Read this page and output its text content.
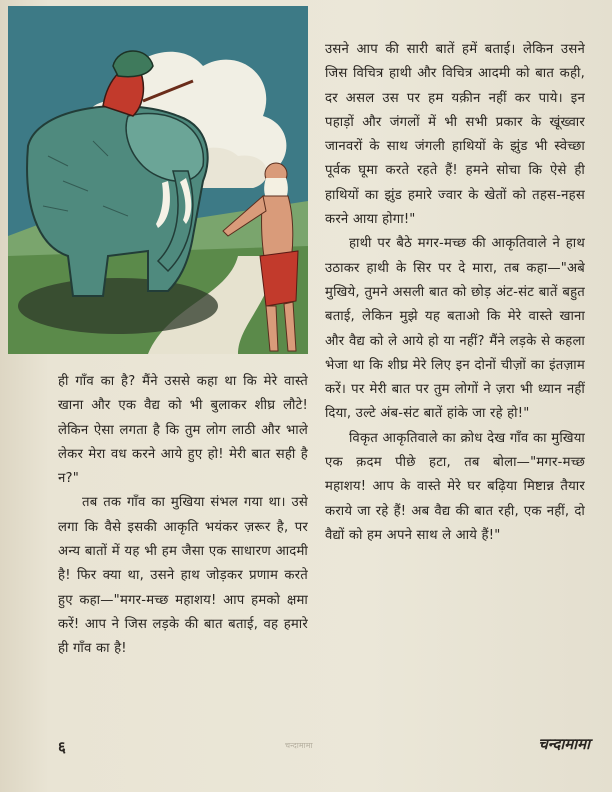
उसने आप की सारी बातें हमें बताई। लेकिन उसने जिस विचित्र हाथी और विचित्र आदमी को बात कही, दर असल उस पर हम यक़ीन नहीं कर पाये। इन पहाड़ों और जंगलों में भी सभी प्रकार के खूंख्वार जानवरों के साथ जंगली हाथियों के झुंड भी स्वेच्छा पूर्वक घूमा करते रहते हैं! हमने सोचा कि ऐसे ही हाथियों का झुंड हमारे ज्वार के खेतों को तहस-नहस करने आया होगा!"

हाथी पर बैठे मगर-मच्छ की आकृतिवाले ने हाथ उठाकर हाथी के सिर पर दे मारा, तब कहा—"अबे मुखिये, तुमने असली बात को छोड़ अंट-संट बातें बहुत बताई, लेकिन मुझे यह बताओ कि मेरे वास्ते खाना और वैद्य को ले आये हो या नहीं? मैंने लड़के से कहला भेजा था कि शीघ्र मेरे लिए इन दोनों चीज़ों का इंतज़ाम करें। पर मेरी बात पर तुम लोगों ने ज़रा भी ध्यान नहीं दिया, उल्टे अंब-संट बातें हांके जा रहे हो!"

विकृत आकृतिवाले का क्रोध देख गाँव का मुखिया एक क़दम पीछे हटा, तब बोला—"मगर-मच्छ महाशय! आप के वास्ते मेरे घर बढ़िया मिष्टान्न तैयार कराये जा रहे हैं! अब वैद्य की बात रही, एक नहीं, दो वैद्यों को हम अपने साथ ले आये हैं!"

ही गाँव का है? मैंने उससे कहा था कि मेरे वास्ते खाना और एक वैद्य को भी बुलाकर शीघ्र लौटे! लेकिन ऐसा लगता है कि तुम लोग लाठी और भाले लेकर मेरा वध करने आये हुए हो! मेरी बात सही है न?"

तब तक गाँव का मुखिया संभल गया था। उसे लगा कि वैसे इसकी आकृति भयंकर ज़रूर है, पर अन्य बातों में यह भी हम जैसा एक साधारण आदमी है! फिर क्या था, उसने हाथ जोड़कर प्रणाम करते हुए कहा—"मगर-मच्छ महाशय! आप हमको क्षमा करें! आप ने जिस लड़के की बात बताई, वह हमारे ही गाँव का है!

६	चन्दामामा	चन्दामामा
